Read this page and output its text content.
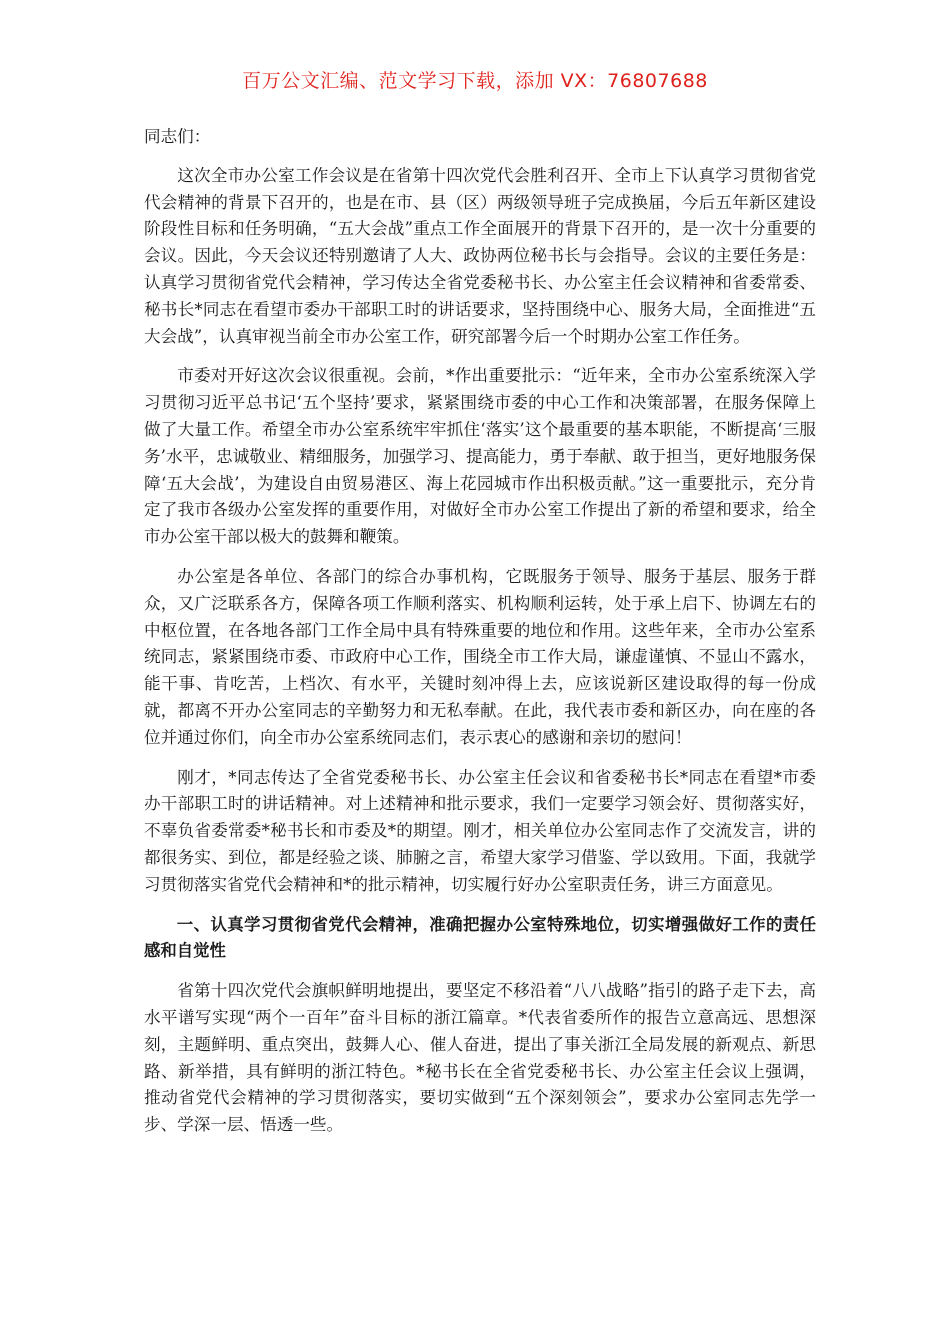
百万公文汇编、范文学习下载，添加 VX：76807688

同志们：

这次全市办公室工作会议是在省第十四次党代会胜利召开、全市上下认真学习贯彻省党代会精神的背景下召开的，也是在市、县（区）两级领导班子完成换届，今后五年新区建设阶段性目标和任务明确，“五大会战”重点工作全面展开的背景下召开的，是一次十分重要的会议。因此，今天会议还特别邀请了人大、政协两位秘书长与会指导。会议的主要任务是：认真学习贯彻省党代会精神，学习传达全省党委秘书长、办公室主任会议精神和省委常委、秘书长*同志在看望市委办干部职工时的讲话要求，坚持围绕中心、服务大局，全面推进“五大会战”，认真审视当前全市办公室工作，研究部署今后一个时期办公室工作任务。

市委对开好这次会议很重视。会前，*作出重要批示：“近年来，全市办公室系统深入学习贯彻习近平总书记‘五个坚持’要求，紧紧围绕市委的中心工作和决策部署，在服务保障上做了大量工作。希望全市办公室系统牢牢抓住‘落实’这个最重要的基本职能，不断提高‘三服务’水平，忠诚敬业、精细服务，加强学习、提高能力，勇于奉献、敢于担当，更好地服务保障‘五大会战’，为建设自由贸易港区、海上花园城市作出积极贡献。”这一重要批示，充分肯定了我市各级办公室发挥的重要作用，对做好全市办公室工作提出了新的希望和要求，给全市办公室干部以极大的鼓舞和鞭策。

办公室是各单位、各部门的综合办事机构，它既服务于领导、服务于基层、服务于群众，又广泛联系各方，保障各项工作顺利落实、机构顺利运转，处于承上启下、协调左右的中枢位置，在各地各部门工作全局中具有特殊重要的地位和作用。这些年来，全市办公室系统同志，紧紧围绕市委、市政府中心工作，围绕全市工作大局，谦虚谨慎、不显山不露水，能干事、肯吃苦，上档次、有水平，关键时刻冲得上去，应该说新区建设取得的每一份成就，都离不开办公室同志的辛勤努力和无私奉献。在此，我代表市委和新区办，向在座的各位并通过你们，向全市办公室系统同志们，表示衷心的感谢和亲切的慰问！

刚才，*同志传达了全省党委秘书长、办公室主任会议和省委秘书长*同志在看望*市委办干部职工时的讲话精神。对上述精神和批示要求，我们一定要学习领会好、贯彻落实好，不辜负省委常委*秘书长和市委及*的期望。刚才，相关单位办公室同志作了交流发言，讲的都很务实、到位，都是经验之谈、肺腑之言，希望大家学习借鉴、学以致用。下面，我就学习贯彻落实省党代会精神和*的批示精神，切实履行好办公室职责任务，讲三方面意见。

一、认真学习贯彻省党代会精神，准确把握办公室特殊地位，切实增强做好工作的责任感和自觉性

省第十四次党代会旗帜鲜明地提出，要坚定不移沿着“八八战略”指引的路子走下去，高水平谱写实现“两个一百年”奋斗目标的浙江篇章。*代表省委所作的报告立意高远、思想深刻，主题鲜明、重点突出，鼓舞人心、催人奋进，提出了事关浙江全局发展的新观点、新思路、新举措，具有鲜明的浙江特色。*秘书长在全省党委秘书长、办公室主任会议上强调，推动省党代会精神的学习贯彻落实，要切实做到“五个深刻领会”，要求办公室同志先学一步、学深一层、悟透一些。
